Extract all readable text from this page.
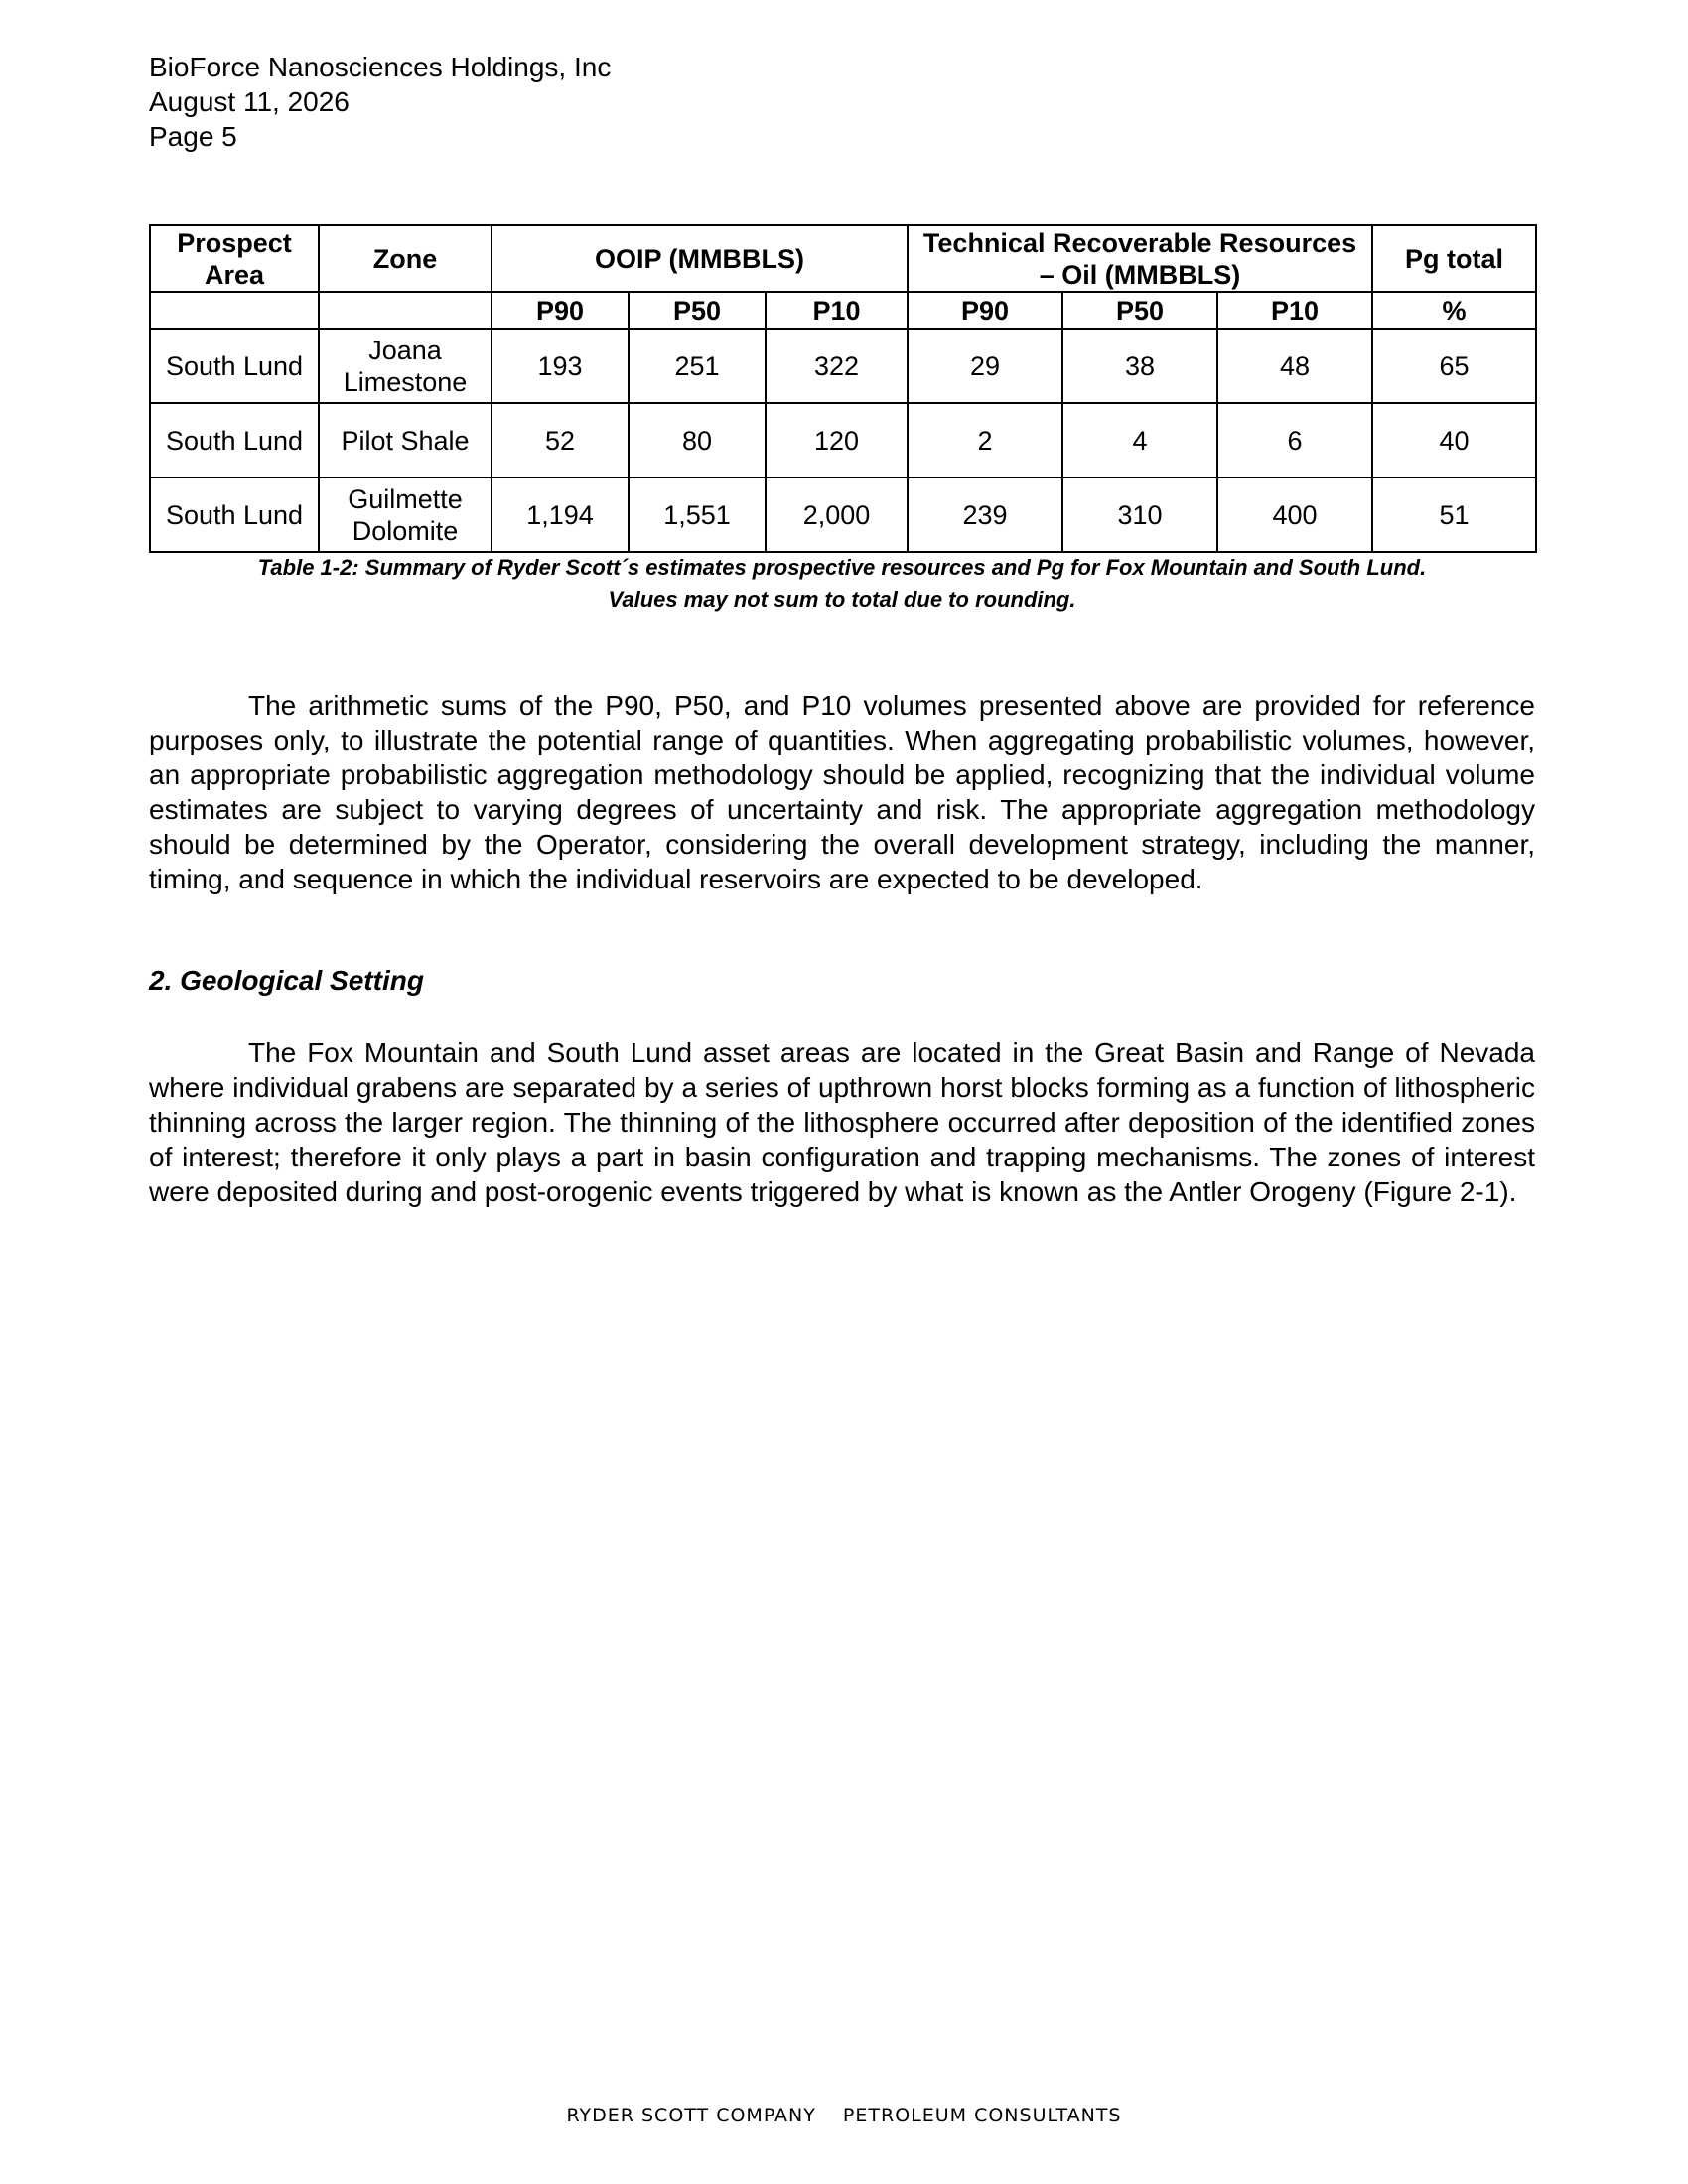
BioForce Nanosciences Holdings, Inc
August 11, 2026
Page 5
Prospect Area	Zone	OOIP (MMBBLS)			Technical Recoverable Resources – Oil (MMBBLS)			Pg total
		P90	P50	P10	P90	P50	P10	%
South Lund	Joana Limestone	193	251	322	29	38	48	65
South Lund	Pilot Shale	52	80	120	2	4	6	40
South Lund	Guilmette Dolomite	1,194	1,551	2,000	239	310	400	51
Table 1-2: Summary of Ryder Scott´s estimates prospective resources and Pg for Fox Mountain and South Lund.
Values may not sum to total due to rounding.

The arithmetic sums of the P90, P50, and P10 volumes presented above are provided for reference purposes only, to illustrate the potential range of quantities. When aggregating probabilistic volumes, however, an appropriate probabilistic aggregation methodology should be applied, recognizing that the individual volume estimates are subject to varying degrees of uncertainty and risk. The appropriate aggregation methodology should be determined by the Operator, considering the overall development strategy, including the manner, timing, and sequence in which the individual reservoirs are expected to be developed.

2. Geological Setting

The Fox Mountain and South Lund asset areas are located in the Great Basin and Range of Nevada where individual grabens are separated by a series of upthrown horst blocks forming as a function of lithospheric thinning across the larger region. The thinning of the lithosphere occurred after deposition of the identified zones of interest; therefore it only plays a part in basin configuration and trapping mechanisms. The zones of interest were deposited during and post-orogenic events triggered by what is known as the Antler Orogeny (Figure 2-1).

RYDER SCOTT COMPANY PETROLEUM CONSULTANTS
